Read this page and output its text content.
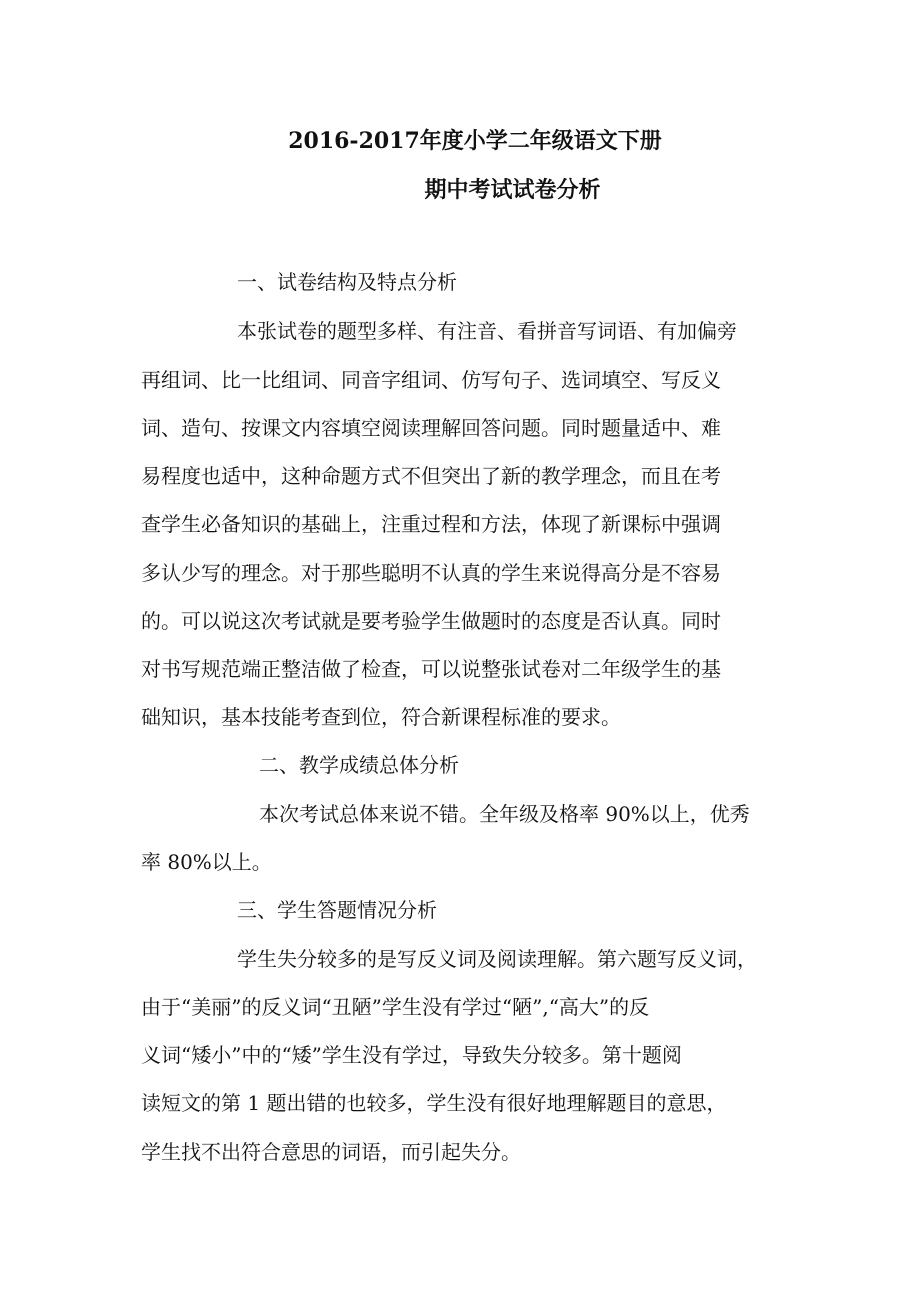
2016-2017年度小学二年级语文下册
期中考试试卷分析

一、试卷结构及特点分析

本张试卷的题型多样、有注音、看拼音写词语、有加偏旁

再组词、比一比组词、同音字组词、仿写句子、选词填空、写反义

词、造句、按课文内容填空阅读理解回答问题。同时题量适中、难

易程度也适中，这种命题方式不但突出了新的教学理念，而且在考

查学生必备知识的基础上，注重过程和方法，体现了新课标中强调

多认少写的理念。对于那些聪明不认真的学生来说得高分是不容易

的。可以说这次考试就是要考验学生做题时的态度是否认真。同时

对书写规范端正整洁做了检查，可以说整张试卷对二年级学生的基

础知识，基本技能考查到位，符合新课程标准的要求。

二、教学成绩总体分析

本次考试总体来说不错。全年级及格率 90%以上，优秀

率 80%以上。

三、学生答题情况分析

学生失分较多的是写反义词及阅读理解。第六题写反义词，

由于“美丽”的反义词“丑陋”学生没有学过“陋”,“高大”的反

义词“矮小”中的“矮”学生没有学过，导致失分较多。第十题阅

读短文的第 1 题出错的也较多，学生没有很好地理解题目的意思，

学生找不出符合意思的词语，而引起失分。
